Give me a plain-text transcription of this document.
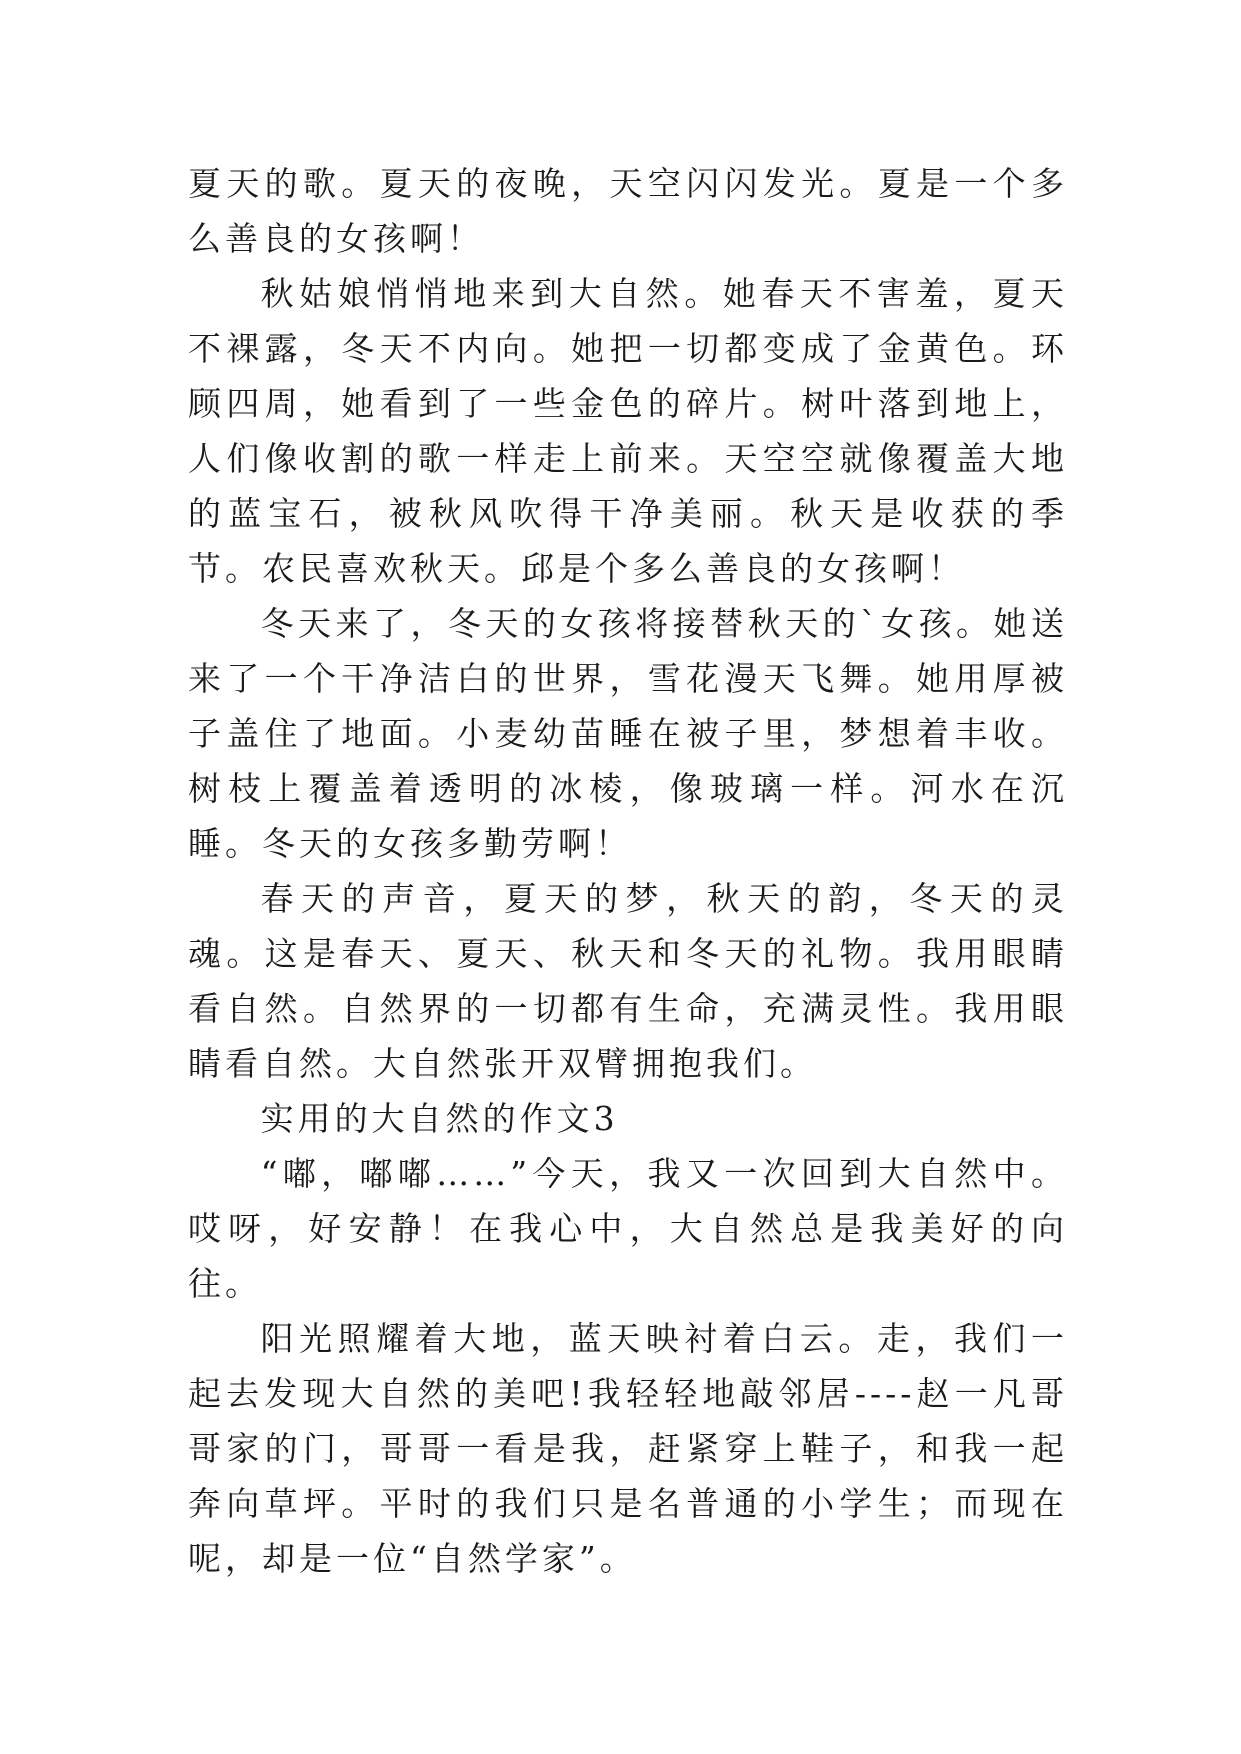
夏天的歌。夏天的夜晚，天空闪闪发光。夏是一个多么善良的女孩啊！

秋姑娘悄悄地来到大自然。她春天不害羞，夏天不裸露，冬天不内向。她把一切都变成了金黄色。环顾四周，她看到了一些金色的碎片。树叶落到地上，人们像收割的歌一样走上前来。天空空就像覆盖大地的蓝宝石，被秋风吹得干净美丽。秋天是收获的季节。农民喜欢秋天。邱是个多么善良的女孩啊！

冬天来了，冬天的女孩将接替秋天的`女孩。她送来了一个干净洁白的世界，雪花漫天飞舞。她用厚被子盖住了地面。小麦幼苗睡在被子里，梦想着丰收。树枝上覆盖着透明的冰棱，像玻璃一样。河水在沉睡。冬天的女孩多勤劳啊！

春天的声音，夏天的梦，秋天的韵，冬天的灵魂。这是春天、夏天、秋天和冬天的礼物。我用眼睛看自然。自然界的一切都有生命，充满灵性。我用眼睛看自然。大自然张开双臂拥抱我们。

实用的大自然的作文3

“嘟，嘟嘟……”今天，我又一次回到大自然中。哎呀，好安静！在我心中，大自然总是我美好的向往。

阳光照耀着大地，蓝天映衬着白云。走，我们一起去发现大自然的美吧!我轻轻地敲邻居----赵一凡哥哥家的门，哥哥一看是我，赶紧穿上鞋子，和我一起奔向草坪。平时的我们只是名普通的小学生；而现在呢，却是一位“自然学家”。
